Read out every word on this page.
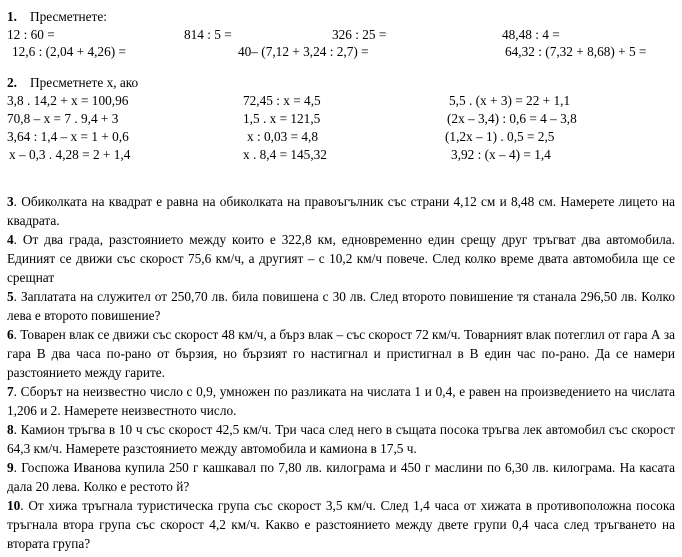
1. Пресметнете:
12 : 60 =	814 : 5 =	326 : 25 =	48,48 : 4 =
12,6 : (2,04 + 4,26) =	40– (7,12 + 3,24 : 2,7) =	64,32 : (7,32 + 8,68) + 5 =
2. Пресметнете х, ако
3,8 . 14,2 + х = 100,96	72,45 : х = 4,5	5,5 . (х + 3) = 22 + 1,1
70,8 – х = 7 . 9,4 + 3	1,5 . х = 121,5	(2х – 3,4) : 0,6 = 4 – 3,8
3,64 : 1,4 – х = 1 + 0,6	х : 0,03 = 4,8	(1,2х – 1) . 0,5 = 2,5
х – 0,3 . 4,28 = 2 + 1,4	х . 8,4 = 145,32	3,92 : (х – 4) = 1,4
3. Обиколката на квадрат е равна на обиколката на правоъгълник със страни 4,12 см и 8,48 см. Намерете лицето на квадрата.
4. От два града, разстоянието между които е 322,8 км, едновременно един срещу друг тръгват два автомобила. Единият се движи със скорост 75,6 км/ч, а другият – с 10,2 км/ч повече. След колко време двата автомобила ще се срещнат
5. Заплатата на служител от 250,70 лв. била повишена с 30 лв. След второто повишение тя станала 296,50 лв. Колко лева е второто повишение?
6. Товарен влак се движи със скорост 48 км/ч, а бърз влак – със скорост 72 км/ч. Товарният влак потеглил от гара А за гара В два часа по-рано от бързия, но бързият го настигнал и пристигнал в В един час по-рано. Да се намери разстоянието между гарите.
7. Сборът на неизвестно число с 0,9, умножен по разликата на числата 1 и 0,4, е равен на произведението на числата 1,206 и 2. Намерете неизвестното число.
8. Камион тръгва в 10 ч със скорост 42,5 км/ч. Три часа след него в същата посока тръгва лек автомобил със скорост 64,3 км/ч. Намерете разстоянието между автомобила и камиона в 17,5 ч.
9. Госпожа Иванова купила 250 г кашкавал по 7,80 лв. килограма и 450 г маслини по 6,30 лв. килограма. На касата дала 20 лева. Колко е рестото й?
10. От хижа тръгнала туристическа група със скорост 3,5 км/ч. След 1,4 часа от хижата в противоположна посока тръгнала втора група със скорост 4,2 км/ч. Какво е разстоянието между двете групи 0,4 часа след тръгването на втората група?
